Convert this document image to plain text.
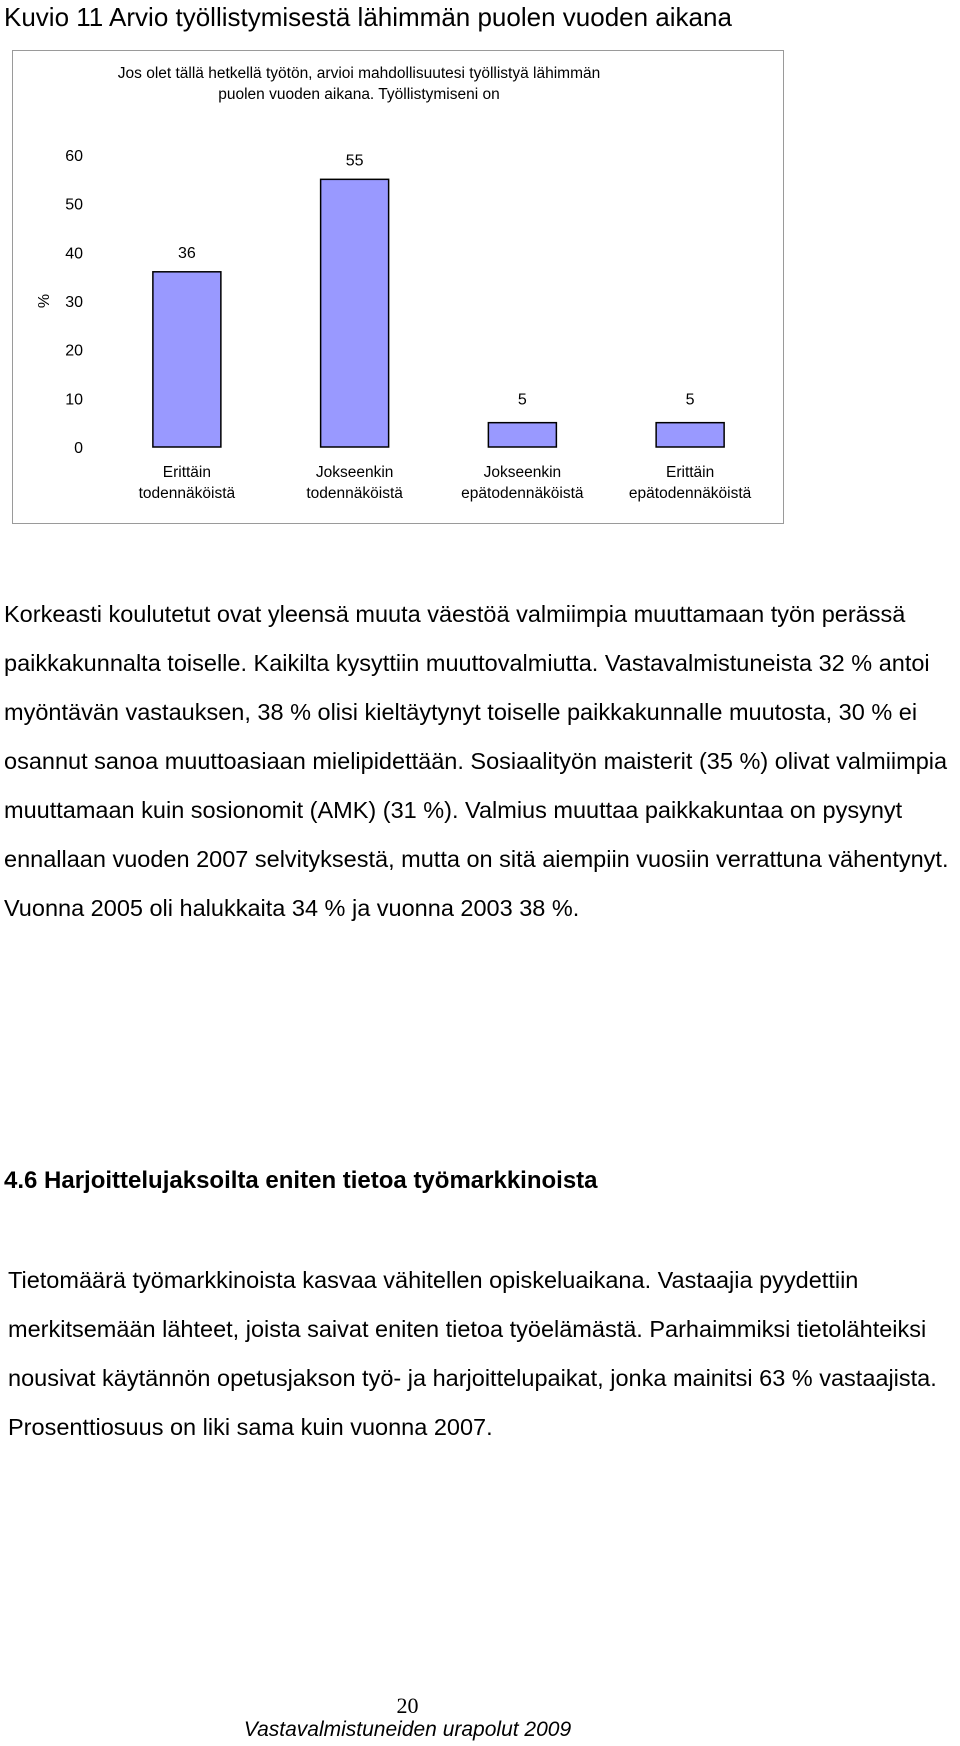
Kuvio 11 Arvio työllistymisestä lähimmän puolen vuoden aikana
Jos olet tällä hetkellä työtön, arvioi mahdollisuutesi työllistyä lähimmän
puolen vuoden aikana. Työllistymiseni on
%
60
50
40
30
20
10
0
36
Erittäin
todennäköistä
55
Jokseenkin
todennäköistä
5
Jokseenkin
epätodennäköistä
5
Erittäin
epätodennäköistä

Korkeasti koulutetut ovat yleensä muuta väestöä valmiimpia muuttamaan työn perässä paikkakunnalta toiselle. Kaikilta kysyttiin muuttovalmiutta. Vastavalmistuneista 32 % antoi myöntävän vastauksen, 38 % olisi kieltäytynyt toiselle paikkakunnalle muutosta, 30 % ei osannut sanoa muuttoasiaan mielipidettään. Sosiaalityön maisterit (35 %) olivat valmiimpia muuttamaan kuin sosionomit (AMK) (31 %). Valmius muuttaa paikkakuntaa on pysynyt ennallaan vuoden 2007 selvityksestä, mutta on sitä aiempiin vuosiin verrattuna vähentynyt. Vuonna 2005 oli halukkaita 34 % ja vuonna 2003 38 %.

4.6 Harjoittelujaksoilta eniten tietoa työmarkkinoista

Tietomäärä työmarkkinoista kasvaa vähitellen opiskeluaikana. Vastaajia pyydettiin merkitsemään lähteet, joista saivat eniten tietoa työelämästä. Parhaimmiksi tietolähteiksi nousivat käytännön opetusjakson työ- ja harjoittelupaikat, jonka mainitsi 63 % vastaajista. Prosenttiosuus on liki sama kuin vuonna 2007.

20
Vastavalmistuneiden urapolut 2009
